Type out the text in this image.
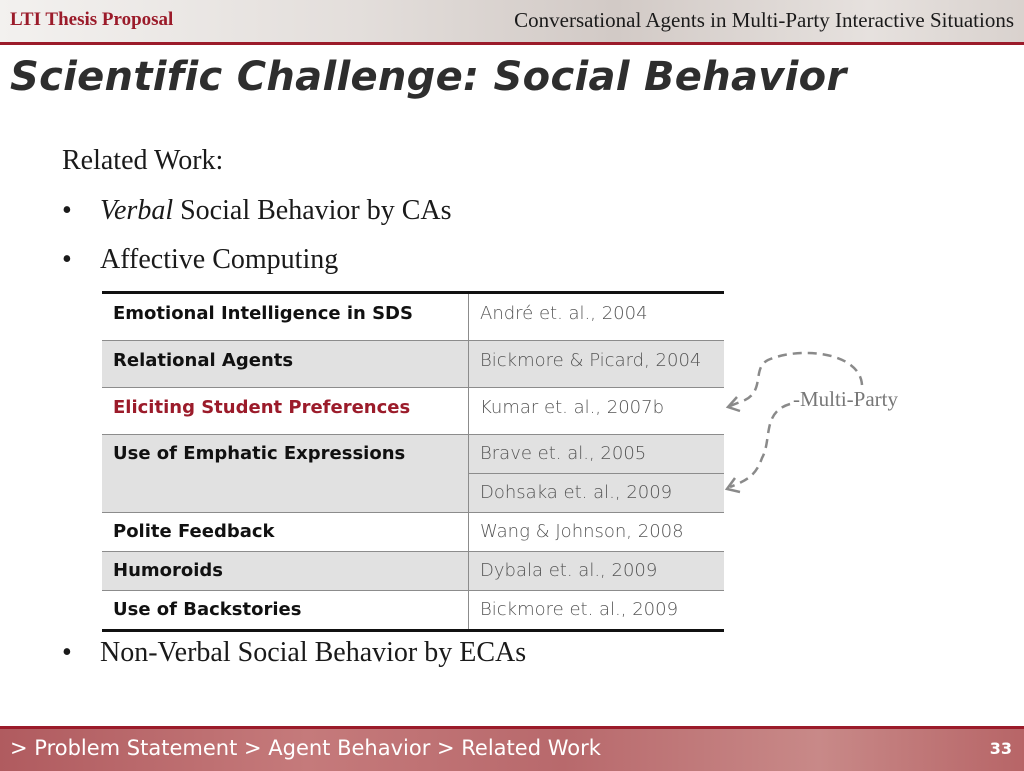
LTI Thesis Proposal	Conversational Agents in Multi-Party Interactive Situations
Scientific Challenge: Social Behavior
Related Work:
• Verbal Social Behavior by CAs
• Affective Computing
• Non-Verbal Social Behavior by ECAs
Emotional Intelligence in SDS	André et. al., 2004
Relational Agents	Bickmore & Picard, 2004
Eliciting Student Preferences	Kumar et. al., 2007b
Use of Emphatic Expressions	Brave et. al., 2005
	Dohsaka et. al., 2009
Polite Feedback	Wang & Johnson, 2008
Humoroids	Dybala et. al., 2009
Use of Backstories	Bickmore et. al., 2009
-Multi-Party
> Problem Statement > Agent Behavior > Related Work	33
